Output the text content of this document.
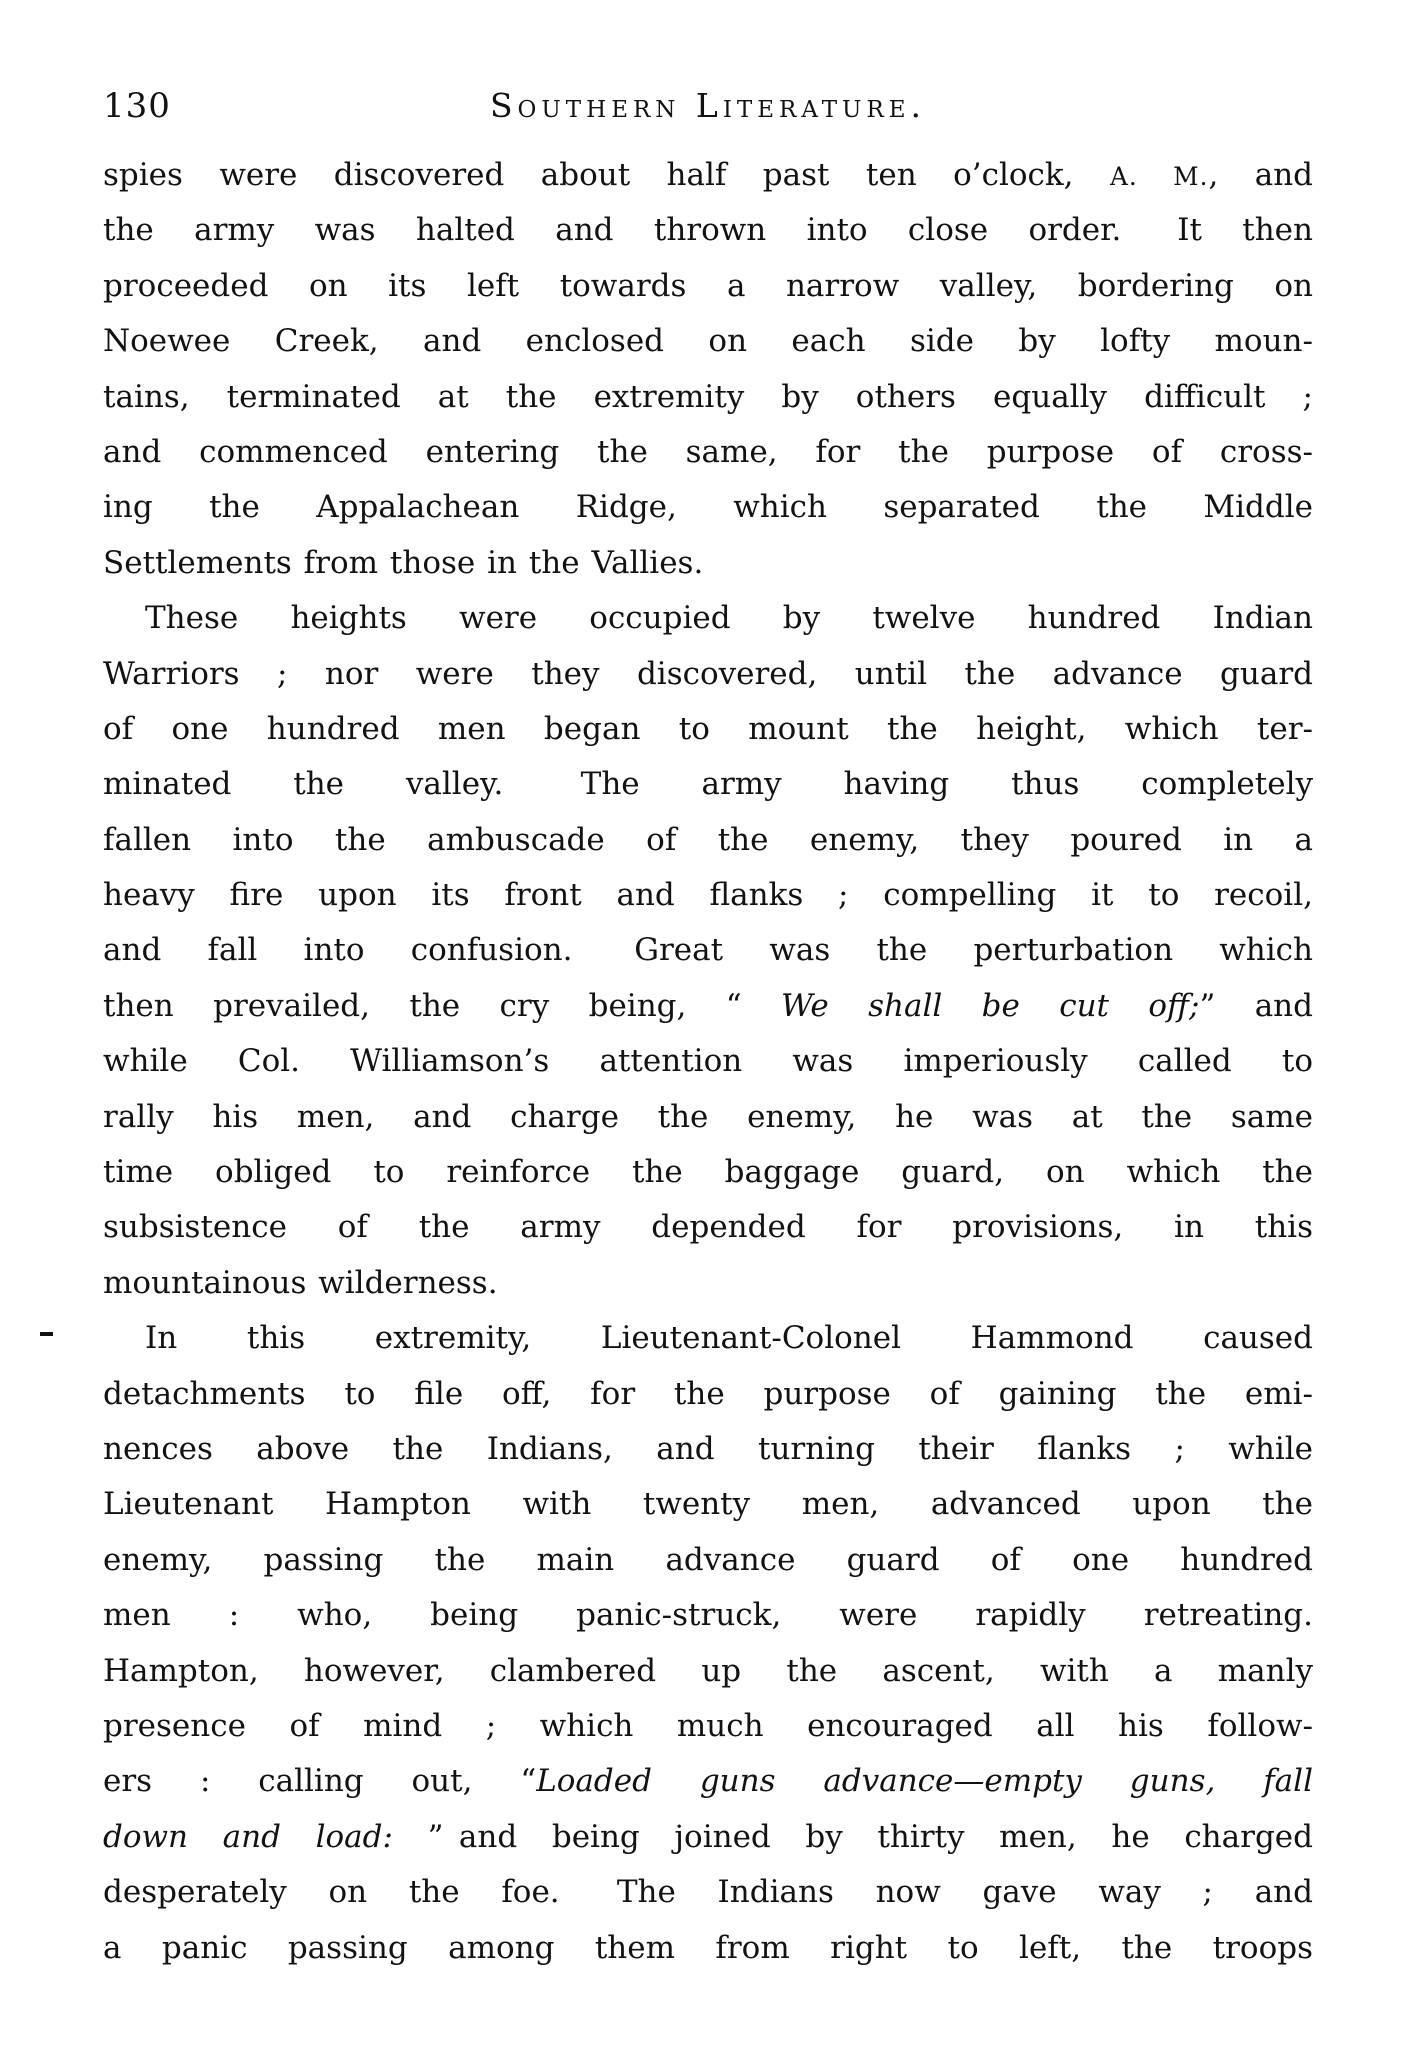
130	Southern Literature.
spies were discovered about half past ten o’clock, A. M., and
the army was halted and thrown into close order.  It then
proceeded on its left towards a narrow valley, bordering on
Noewee Creek, and enclosed on each side by lofty moun-
tains, terminated at the extremity by others equally difficult ;
and commenced entering the same, for the purpose of cross-
ing the Appalachean Ridge, which separated the Middle
Settlements from those in the Vallies.
These heights were occupied by twelve hundred Indian
Warriors ; nor were they discovered, until the advance guard
of one hundred men began to mount the height, which ter-
minated the valley.  The army having thus completely
fallen into the ambuscade of the enemy, they poured in a
heavy fire upon its front and flanks ; compelling it to recoil,
and fall into confusion.  Great was the perturbation which
then prevailed, the cry being, “ We shall be cut off;” and
while Col. Williamson’s attention was imperiously called to
rally his men, and charge the enemy, he was at the same
time obliged to reinforce the baggage guard, on which the
subsistence of the army depended for provisions, in this
mountainous wilderness.
In this extremity, Lieutenant-Colonel Hammond caused
detachments to file off, for the purpose of gaining the emi-
nences above the Indians, and turning their flanks ; while
Lieutenant Hampton with twenty men, advanced upon the
enemy, passing the main advance guard of one hundred
men : who, being panic-struck, were rapidly retreating.
Hampton, however, clambered up the ascent, with a manly
presence of mind ; which much encouraged all his follow-
ers : calling out, “Loaded guns advance—empty guns, fall
down and load: ” and being joined by thirty men, he charged
desperately on the foe.  The Indians now gave way ; and
a panic passing among them from right to left, the troops
